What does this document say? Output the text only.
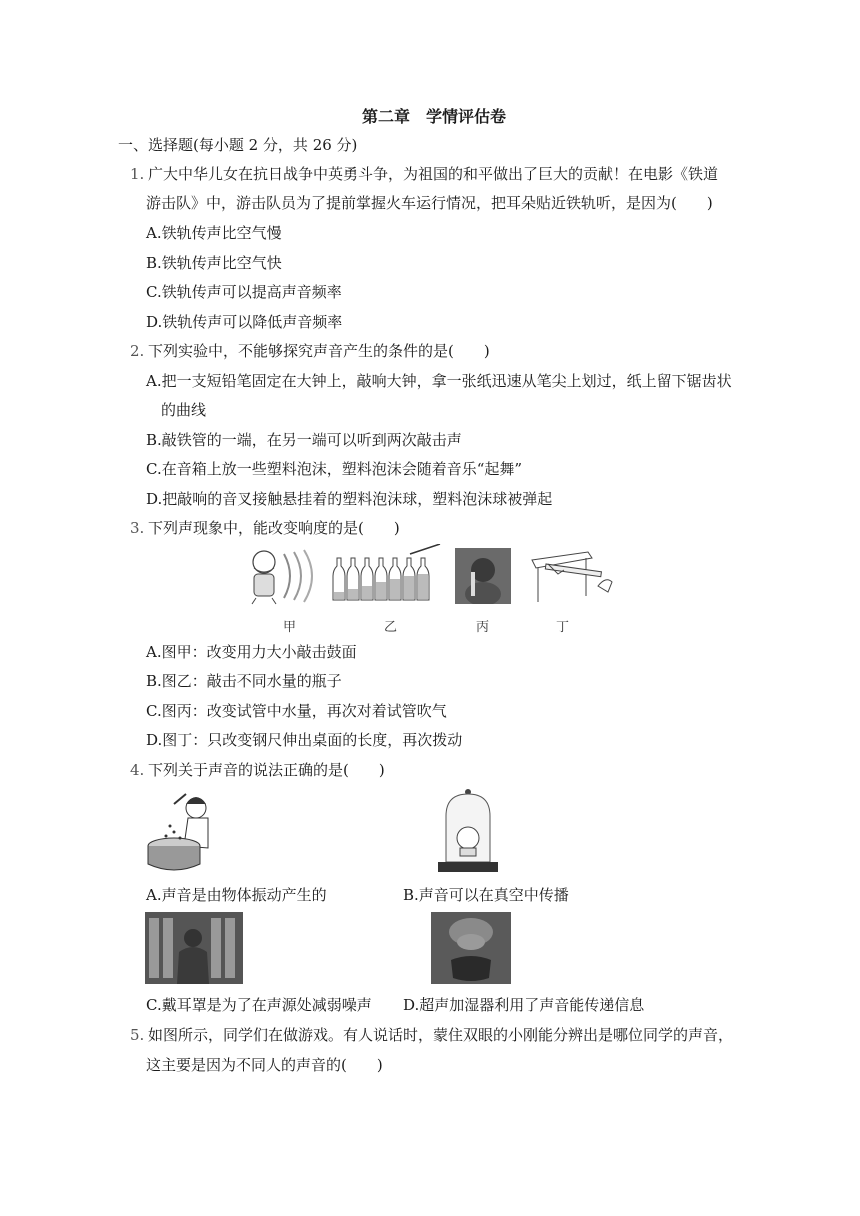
第二章　学情评估卷
一、选择题(每小题 2 分，共 26 分)
1. 广大中华儿女在抗日战争中英勇斗争，为祖国的和平做出了巨大的贡献！在电影《铁道
游击队》中，游击队员为了提前掌握火车运行情况，把耳朵贴近铁轨听，是因为(　　)
A.铁轨传声比空气慢
B.铁轨传声比空气快
C.铁轨传声可以提高声音频率
D.铁轨传声可以降低声音频率
2. 下列实验中，不能够探究声音产生的条件的是(　　)
A.把一支短铅笔固定在大钟上，敲响大钟，拿一张纸迅速从笔尖上划过，纸上留下锯齿状
的曲线
B.敲铁管的一端，在另一端可以听到两次敲击声
C.在音箱上放一些塑料泡沫，塑料泡沫会随着音乐“起舞”
D.把敲响的音叉接触悬挂着的塑料泡沫球，塑料泡沫球被弹起
3. 下列声现象中，能改变响度的是(　　)
甲	乙	丙	丁
A.图甲：改变用力大小敲击鼓面
B.图乙：敲击不同水量的瓶子
C.图丙：改变试管中水量，再次对着试管吹气
D.图丁：只改变钢尺伸出桌面的长度，再次拨动
4. 下列关于声音的说法正确的是(　　)
A.声音是由物体振动产生的	B.声音可以在真空中传播
C.戴耳罩是为了在声源处减弱噪声 D.超声加湿器利用了声音能传递信息
5. 如图所示，同学们在做游戏。有人说话时，蒙住双眼的小刚能分辨出是哪位同学的声音，
这主要是因为不同人的声音的(　　)
